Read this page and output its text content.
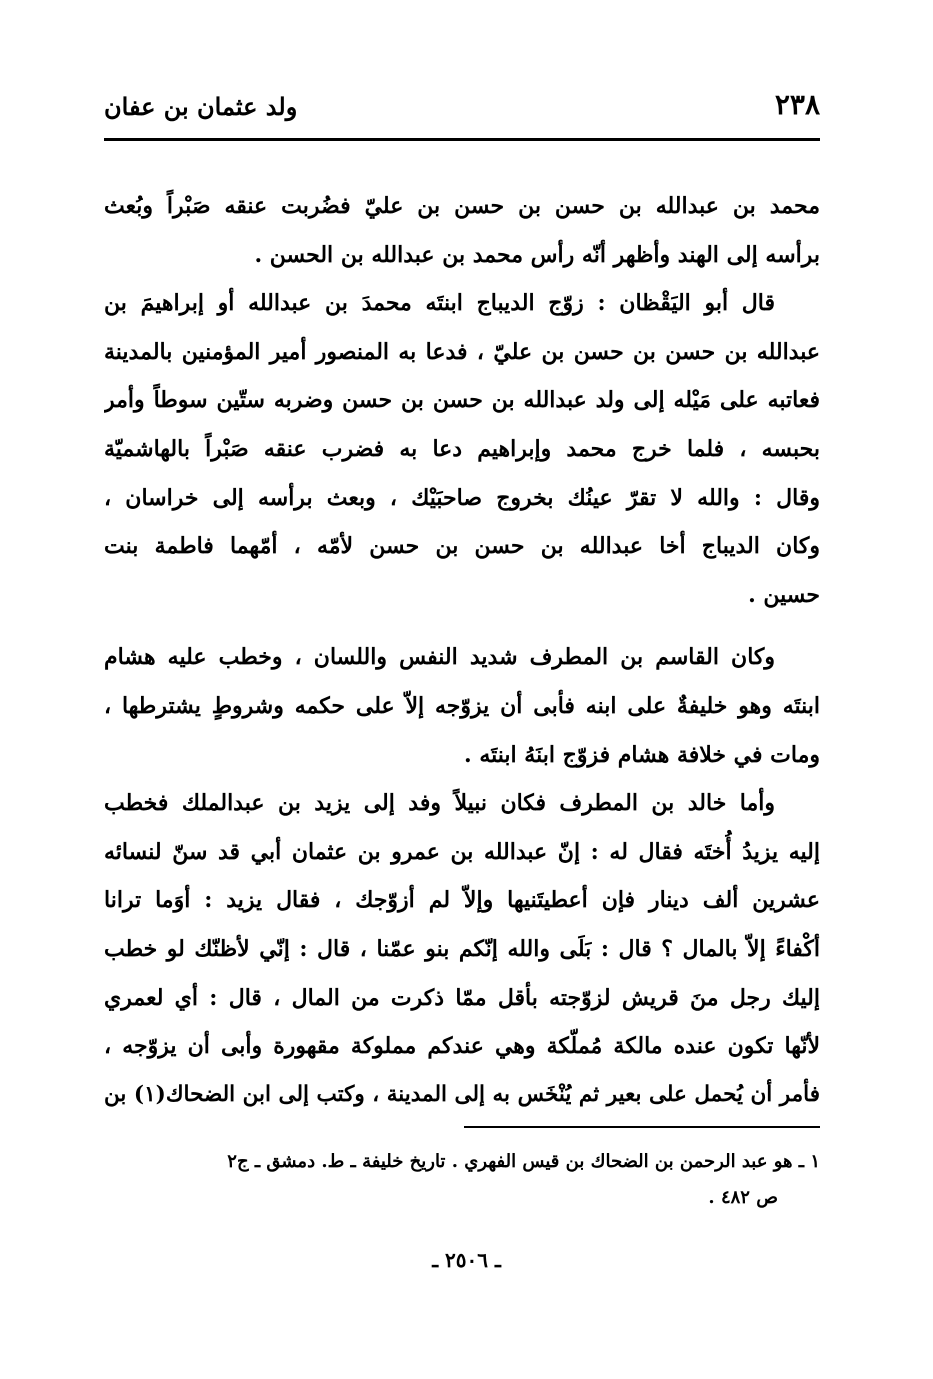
٢٣٨
ولد عثمان بن عفان
محمد بن عبدالله بن حسن بن حسن بن عليّ فضُربت عنقه صَبْراً وبُعث
برأسه إلى الهند وأظهر أنّه رأس محمد بن عبدالله بن الحسن .
قال أبو اليَقْظان : زوّج الديباج ابنتَه محمدَ بن عبدالله أو إبراهيمَ بن
عبدالله بن حسن بن حسن بن عليّ ، فدعا به المنصور أمير المؤمنين بالمدينة
فعاتبه على مَيْله إلى ولد عبدالله بن حسن بن حسن وضربه ستّين سوطاً وأمر
بحبسه ، فلما خرج محمد وإبراهيم دعا به فضرب عنقه صَبْراً بالهاشميّة
وقال : والله لا تقرّ عينُك بخروج صاحبَيْك ، وبعث برأسه إلى خراسان ،
وكان الديباج أخا عبدالله بن حسن بن حسن لأمّه ، أمّهما فاطمة بنت
حسين .
وكان القاسم بن المطرف شديد النفس واللسان ، وخطب عليه هشام
ابنتَه وهو خليفةٌ على ابنه فأبى أن يزوّجه إلاّ على حكمه وشروطٍ يشترطها ،
ومات في خلافة هشام فزوّج ابنَهُ ابنتَه .
وأما خالد بن المطرف فكان نبيلاً وفد إلى يزيد بن عبدالملك فخطب
إليه يزيدُ أُختَه فقال له : إنّ عبدالله بن عمرو بن عثمان أبي قد سنّ لنسائه
عشرين ألف دينار فإن أعطيتَنيها وإلاّ لم أزوّجك ، فقال يزيد : أوَما ترانا
أكْفاءً إلاّ بالمال ؟ قال : بَلَى والله إنّكم بنو عمّنا ، قال : إنّي لأظنّك لو خطب
إليك رجل منَ قريش لزوّجته بأقل ممّا ذكرت من المال ، قال : أي لعمري
لأنّها تكون عنده مالكة مُملّكة وهي عندكم مملوكة مقهورة وأبى أن يزوّجه ،
فأمر أن يُحمل على بعير ثم يُنْخَس به إلى المدينة ، وكتب إلى ابن الضحاك(١) بن
١ ـ هو عبد الرحمن بن الضحاك بن قيس الفهري . تاريخ خليفة ـ ط. دمشق ـ ج٢
ص ٤٨٢ .
ـ ٢٥٠٦ ـ
